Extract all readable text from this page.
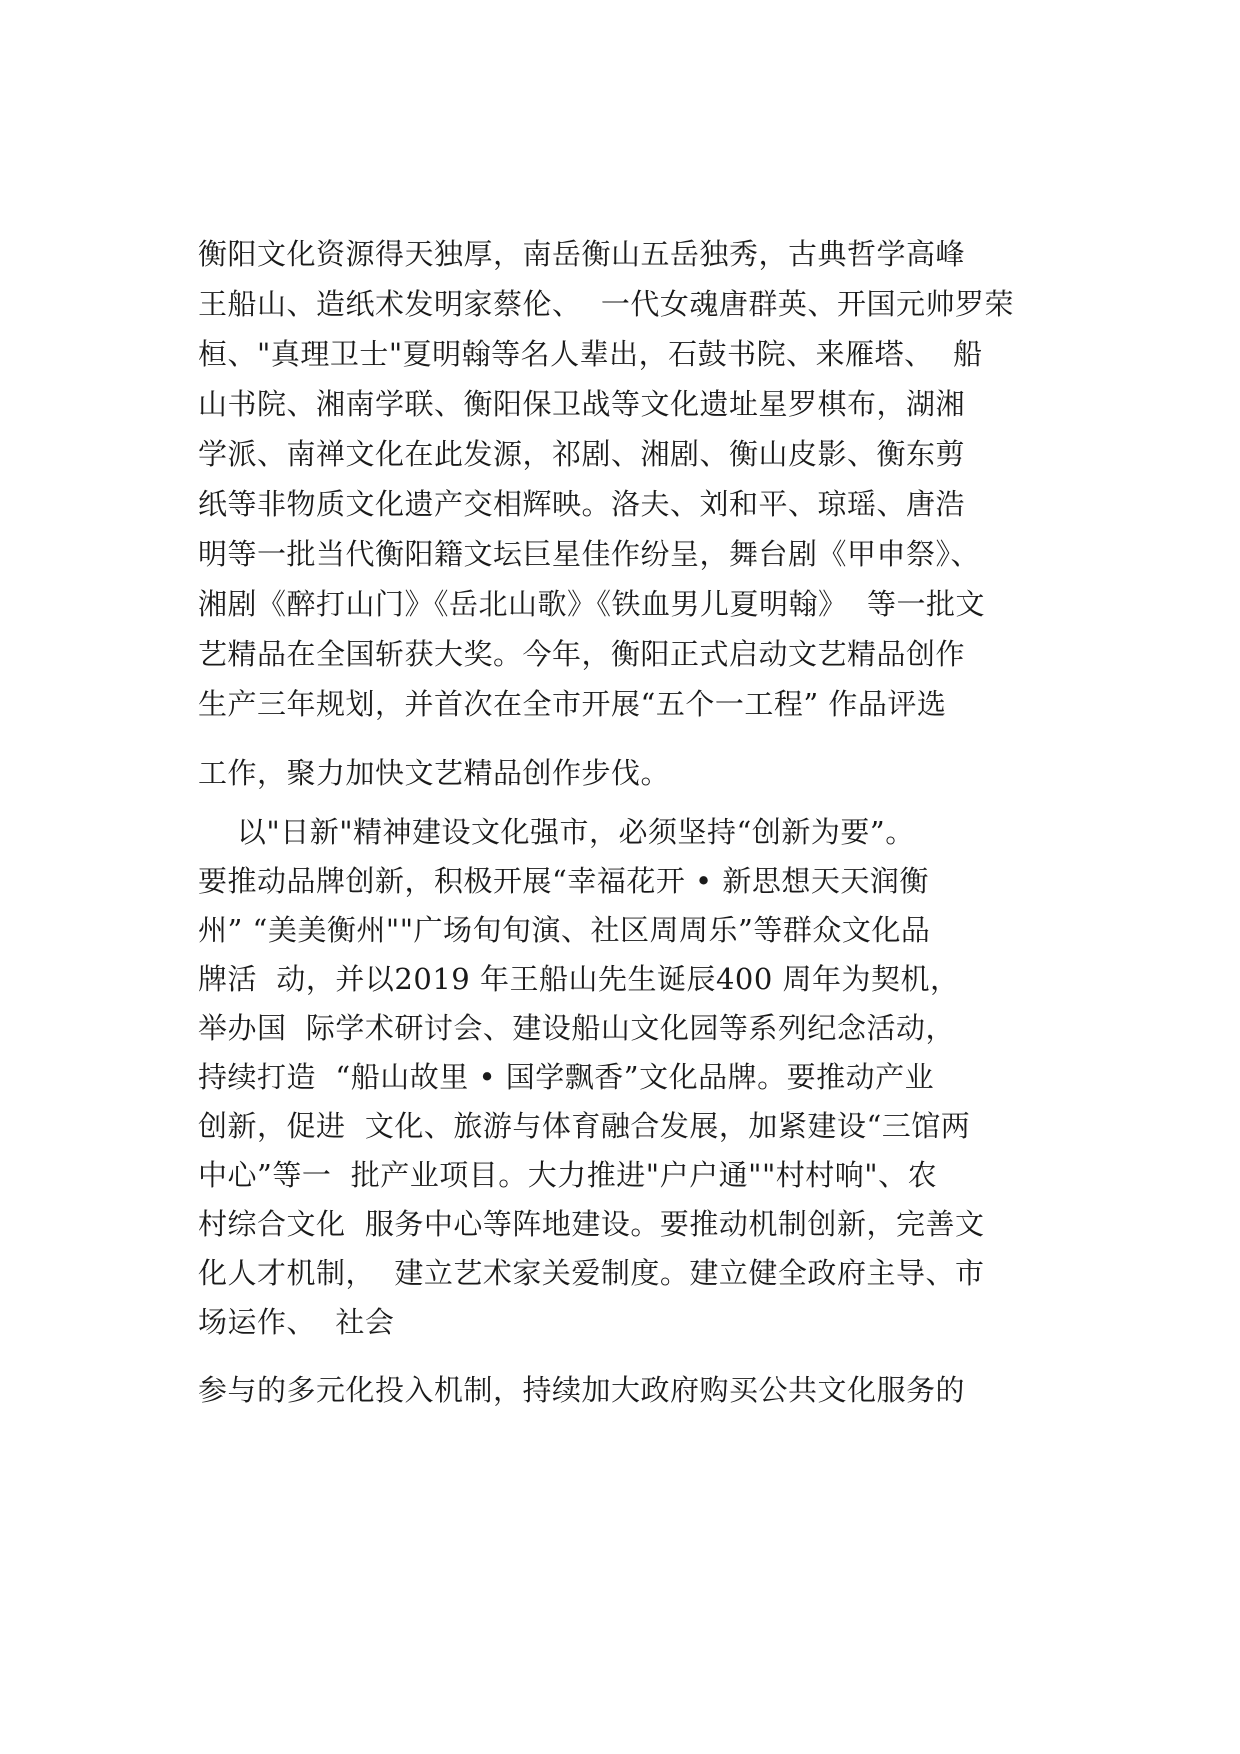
衡阳文化资源得天独厚，南岳衡山五岳独秀，古典哲学高峰
王船山、造纸术发明家蔡伦、  一代女魂唐群英、开国元帅罗荣
桓、"真理卫士"夏明翰等名人辈出，石鼓书院、来雁塔、  船
山书院、湘南学联、衡阳保卫战等文化遗址星罗棋布，湖湘
学派、南禅文化在此发源，祁剧、湘剧、衡山皮影、衡东剪
纸等非物质文化遗产交相辉映。洛夫、刘和平、琼瑶、唐浩
明等一批当代衡阳籍文坛巨星佳作纷呈，舞台剧《甲申祭》、
湘剧《醉打山门》《岳北山歌》《铁血男儿夏明翰》  等一批文
艺精品在全国斩获大奖。今年，衡阳正式启动文艺精品创作
生产三年规划，并首次在全市开展“五个一工程” 作品评选
工作，聚力加快文艺精品创作步伐。
以"日新"精神建设文化强市，必须坚持“创新为要”。
要推动品牌创新，积极开展“幸福花开 • 新思想天天润衡
州” “美美衡州""广场旬旬演、社区周周乐”等群众文化品
牌活  动，并以2019 年王船山先生诞辰400 周年为契机，
举办国  际学术研讨会、建设船山文化园等系列纪念活动，
持续打造  “船山故里 • 国学飘香”文化品牌。要推动产业
创新，促进  文化、旅游与体育融合发展，加紧建设“三馆两
中心”等一  批产业项目。大力推进"户户通""村村响"、农
村综合文化  服务中心等阵地建设。要推动机制创新，完善文
化人才机制，  建立艺术家关爱制度。建立健全政府主导、市
场运作、  社会
参与的多元化投入机制，持续加大政府购买公共文化服务的
